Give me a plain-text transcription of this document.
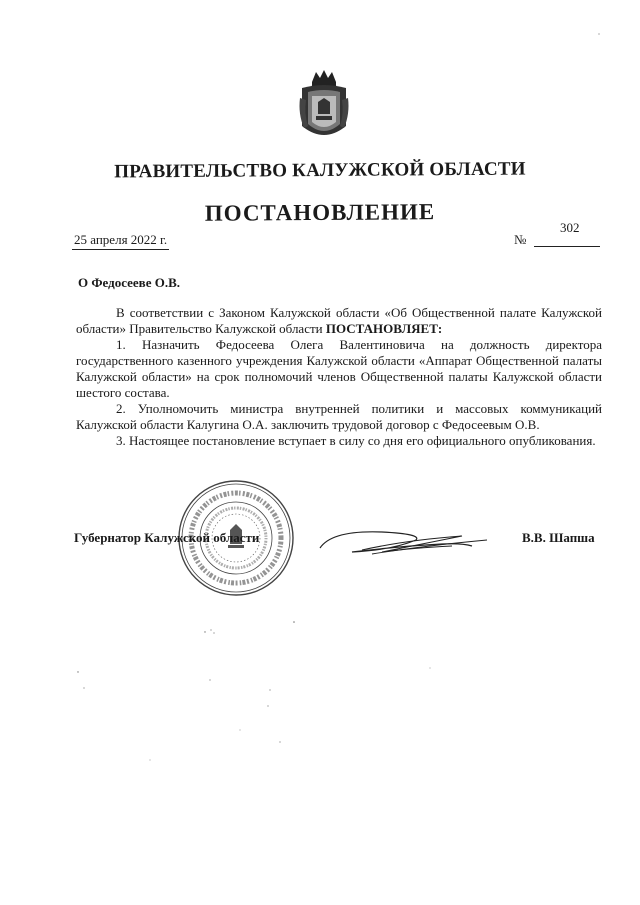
ПРАВИТЕЛЬСТВО КАЛУЖСКОЙ ОБЛАСТИ
ПОСТАНОВЛЕНИЕ
25 апреля 2022 г.	№
302
О Федосееве О.В.

В соответствии с Законом Калужской области «Об Общественной палате Калужской области» Правительство Калужской области ПОСТАНОВЛЯЕТ:

1. Назначить Федосеева Олега Валентиновича на должность директора государственного казенного учреждения Калужской области «Аппарат Общественной палаты Калужской области» на срок полномочий членов Общественной палаты Калужской области шестого состава.

2. Уполномочить министра внутренней политики и массовых коммуникаций Калужской области Калугина О.А. заключить трудовой договор с Федосеевым О.В.

3. Настоящее постановление вступает в силу со дня его официального опубликования.

Губернатор Калужской области	В.В. Шапша
